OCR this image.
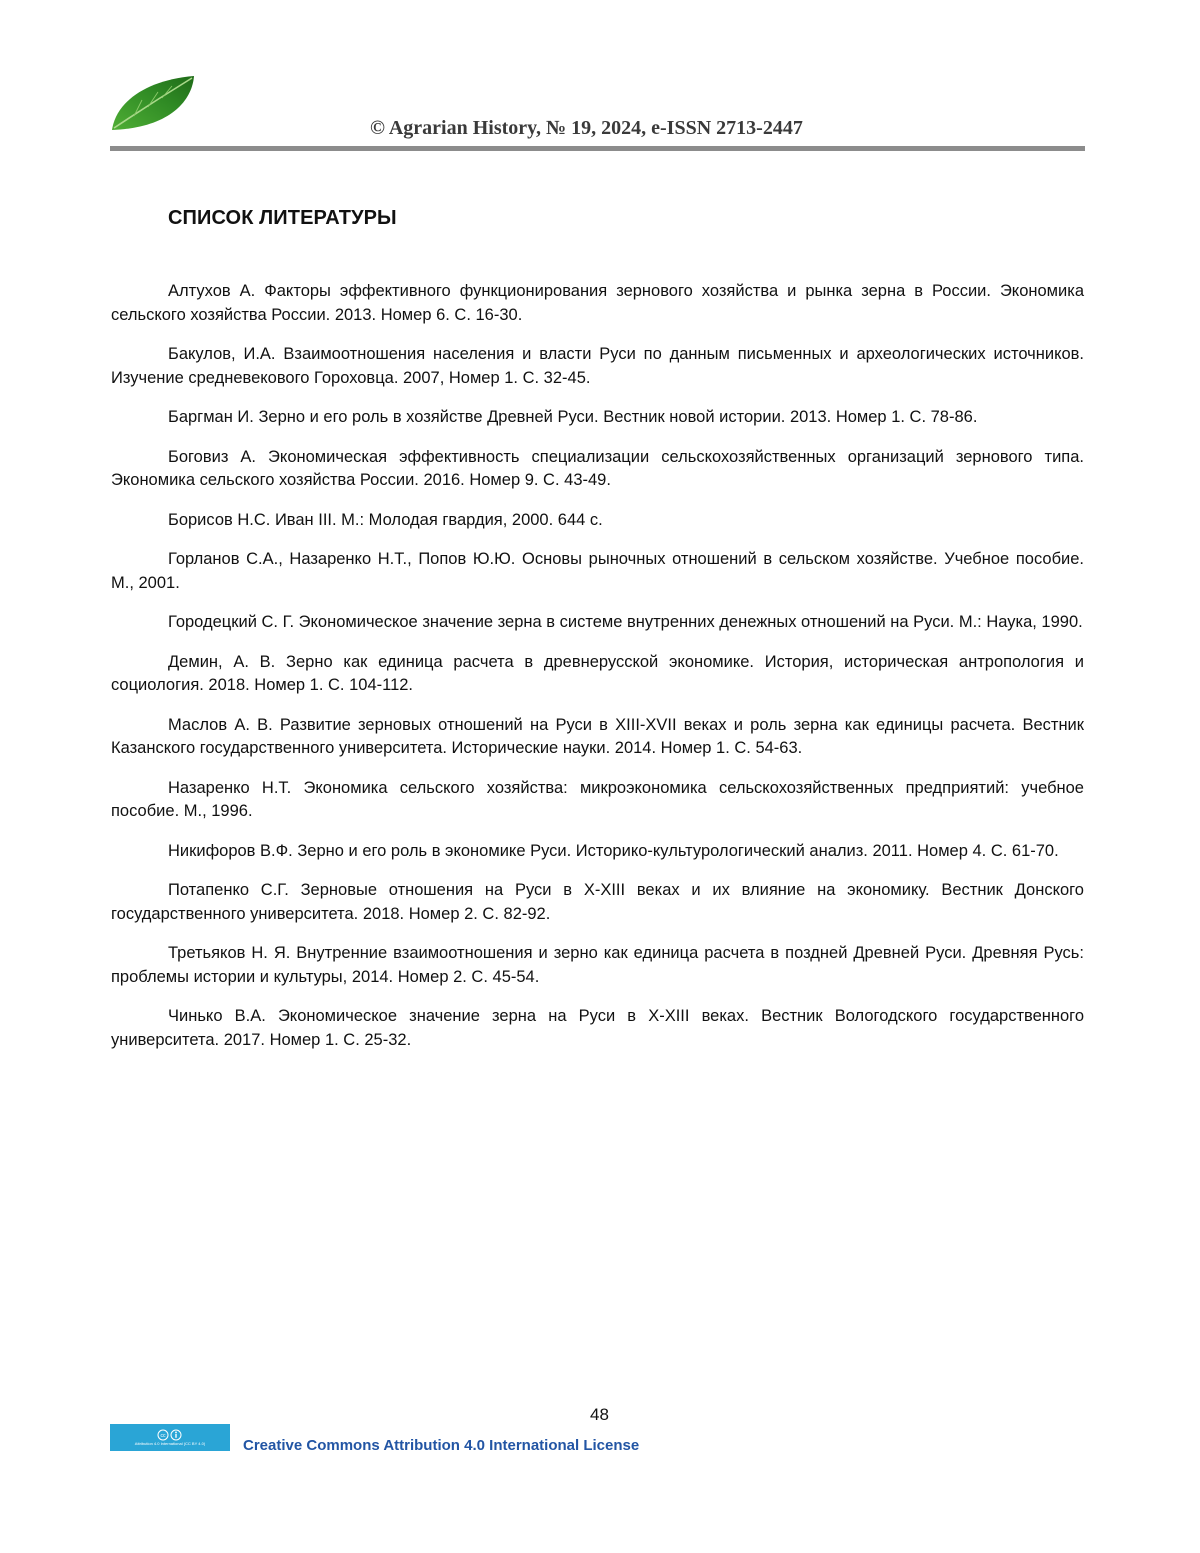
© Agrarian History, № 19, 2024, e-ISSN 2713-2447
СПИСОК ЛИТЕРАТУРЫ

Алтухов А. Факторы эффективного функционирования зернового хозяйства и рынка зерна в России. Экономика сельского хозяйства России. 2013. Номер 6. С. 16-30.

Бакулов, И.А. Взаимоотношения населения и власти Руси по данным письменных и археологических источников. Изучение средневекового Гороховца. 2007, Номер 1. С. 32-45.

Баргман И. Зерно и его роль в хозяйстве Древней Руси. Вестник новой истории. 2013. Номер 1. С. 78-86.

Боговиз А. Экономическая эффективность специализации сельскохозяйственных организаций зернового типа. Экономика сельского хозяйства России. 2016. Номер 9. С. 43-49.

Борисов Н.С. Иван III. М.: Молодая гвардия, 2000. 644 с.

Горланов С.А., Назаренко Н.Т., Попов Ю.Ю. Основы рыночных отношений в сельском хозяйстве. Учебное пособие. М., 2001.

Городецкий С. Г. Экономическое значение зерна в системе внутренних денежных отношений на Руси. М.: Наука, 1990.

Демин, А. В. Зерно как единица расчета в древнерусской экономике. История, историческая антропология и социология. 2018. Номер 1. С. 104-112.

Маслов А. В. Развитие зерновых отношений на Руси в XIII-XVII веках и роль зерна как единицы расчета. Вестник Казанского государственного университета. Исторические науки. 2014. Номер 1. С. 54-63.

Назаренко Н.Т. Экономика сельского хозяйства: микроэкономика сельскохозяйственных предприятий: учебное пособие. М., 1996.

Никифоров В.Ф. Зерно и его роль в экономике Руси. Историко-культурологический анализ. 2011. Номер 4. С. 61-70.

Потапенко С.Г. Зерновые отношения на Руси в X-XIII веках и их влияние на экономику. Вестник Донского государственного университета. 2018. Номер 2. С. 82-92.

Третьяков Н. Я. Внутренние взаимоотношения и зерно как единица расчета в поздней Древней Руси. Древняя Русь: проблемы истории и культуры, 2014. Номер 2. С. 45-54.

Чинько В.А. Экономическое значение зерна на Руси в X-XIII веках. Вестник Вологодского государственного университета. 2017. Номер 1. С. 25-32.

48
cc
Attribution 4.0 International (CC BY 4.0)	Creative Commons Attribution 4.0 International License
